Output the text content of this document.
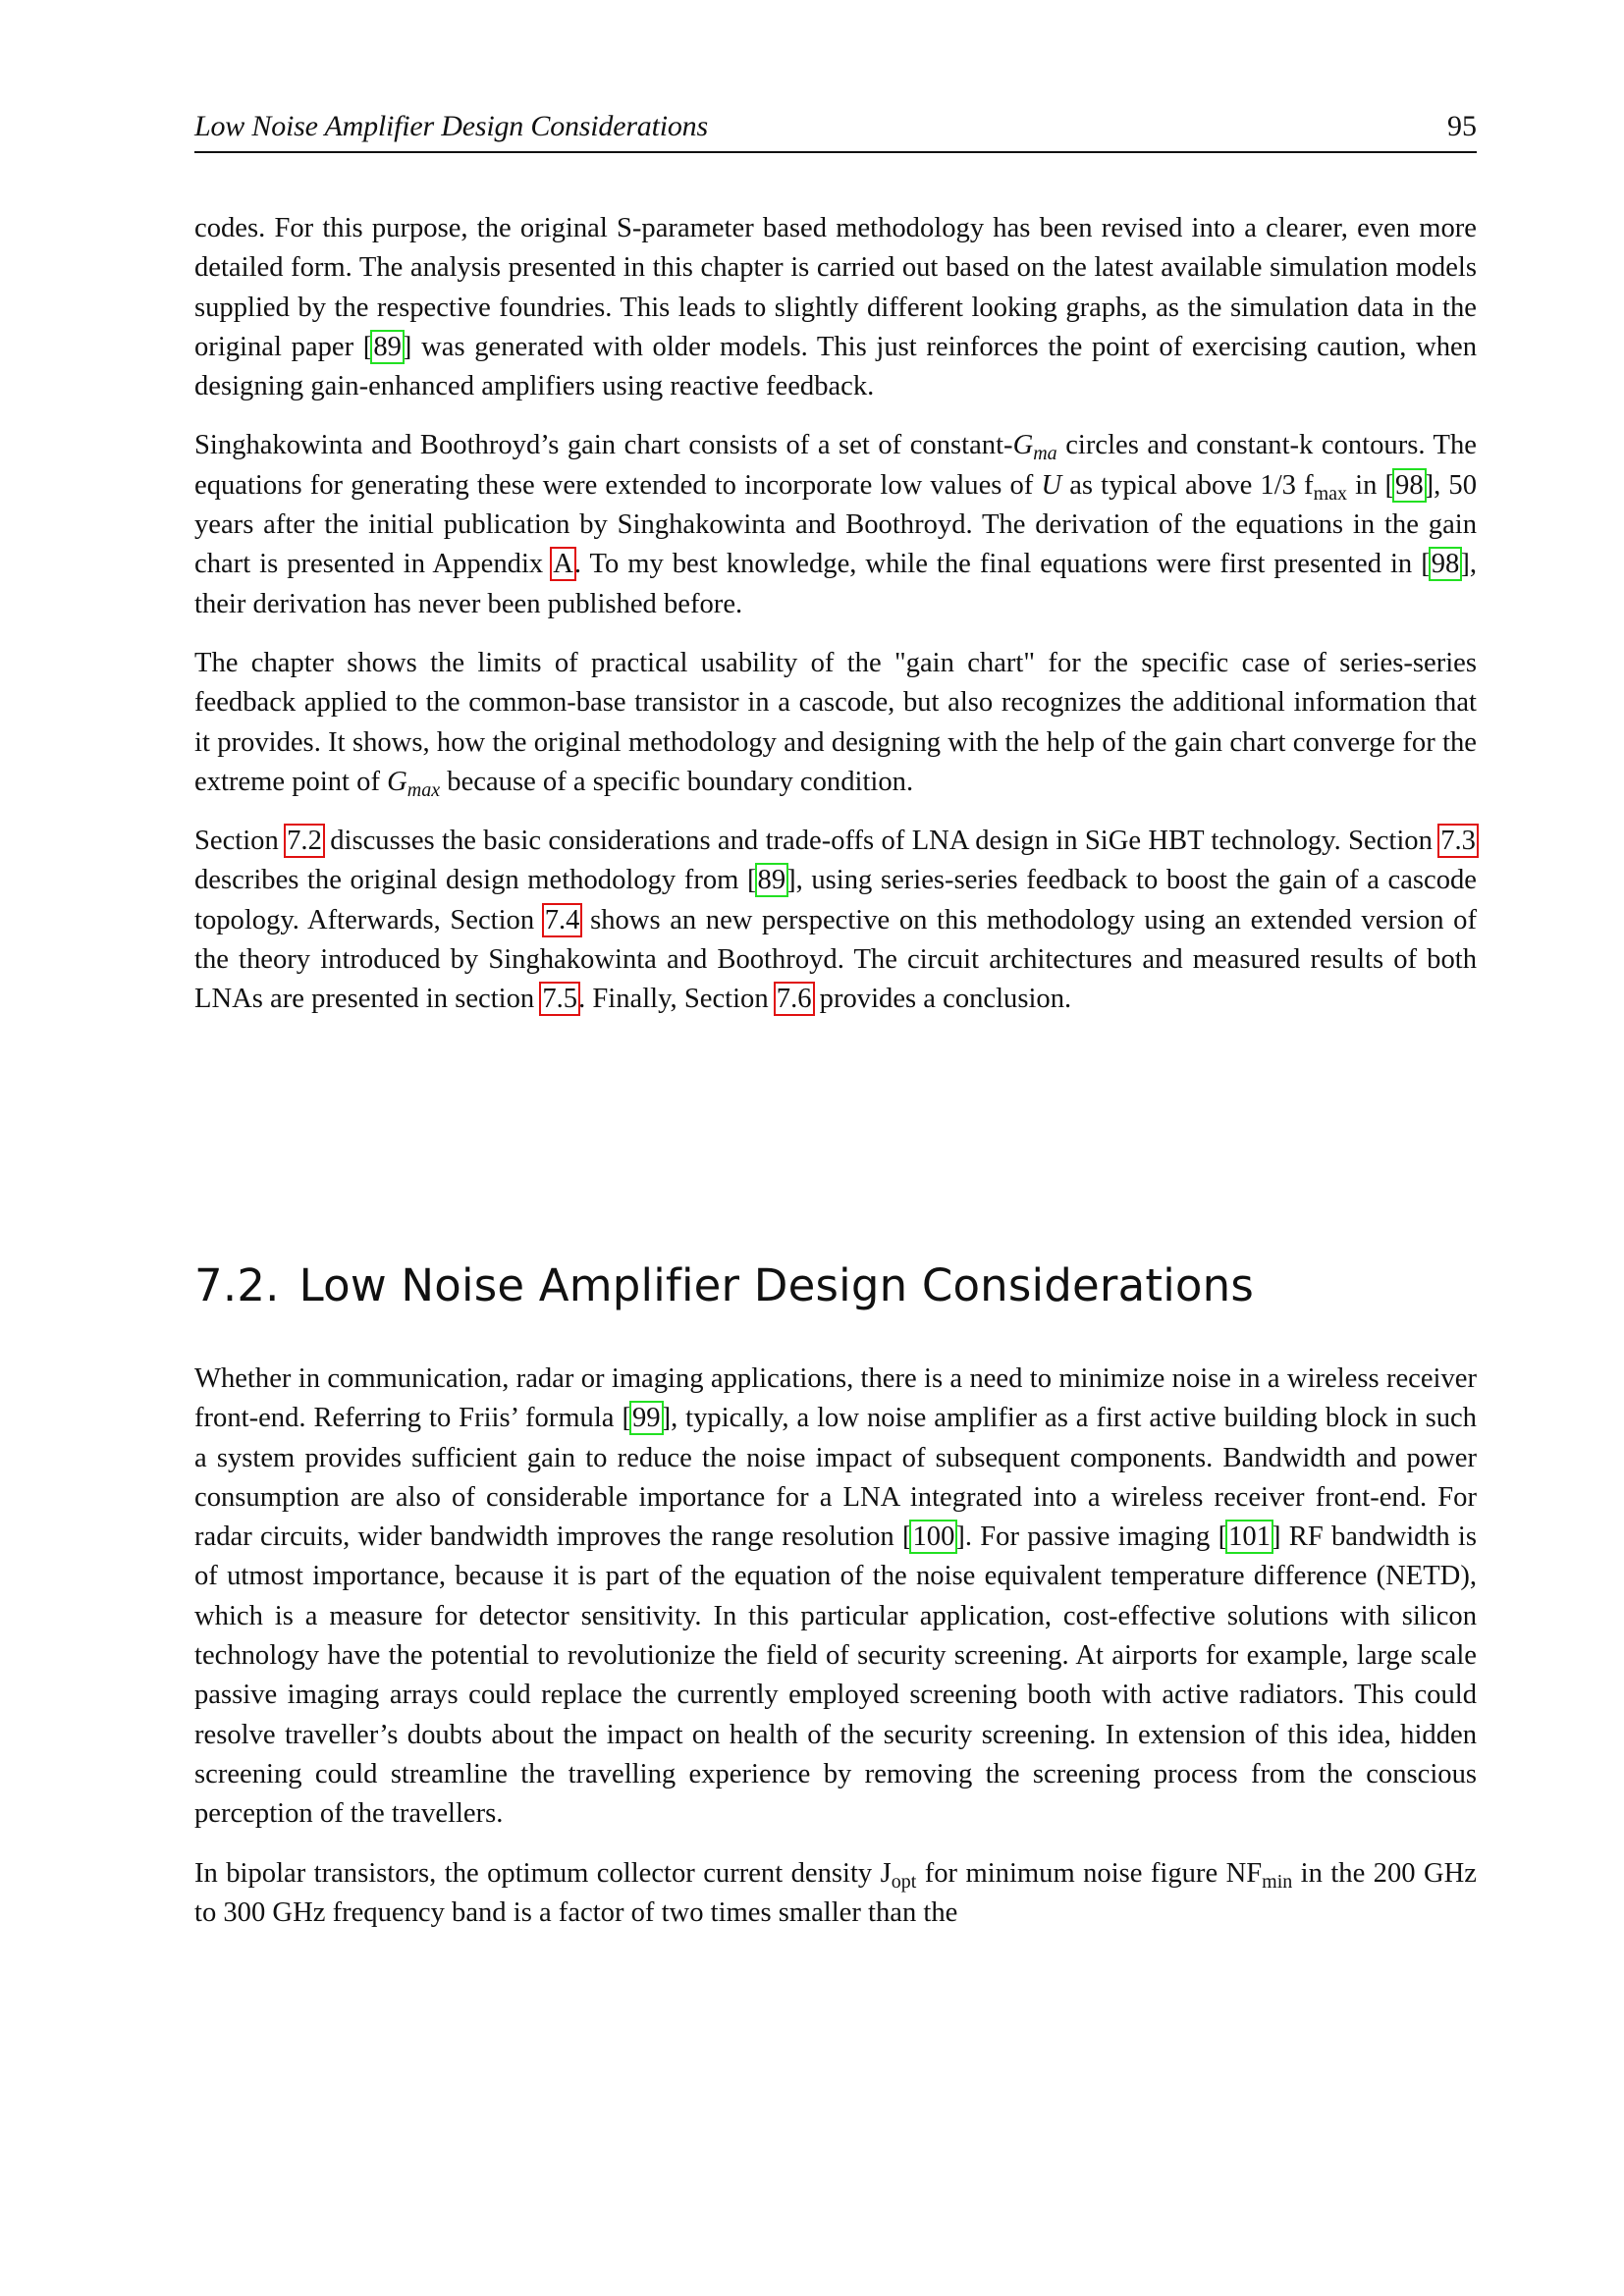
Low Noise Amplifier Design Considerations	95

codes. For this purpose, the original S-parameter based methodology has been revised into a clearer, even more detailed form. The analysis presented in this chapter is carried out based on the latest available simulation models supplied by the respective foundries. This leads to slightly different looking graphs, as the simulation data in the original paper [89] was generated with older models. This just reinforces the point of exercising caution, when designing gain-enhanced amplifiers using reactive feedback.

Singhakowinta and Boothroyd’s gain chart consists of a set of constant-$G_{ma}$ circles and constant-k contours. The equations for generating these were extended to incorporate low values of U as typical above 1/3 $f_{max}$ in [98], 50 years after the initial publication by Singhakowinta and Boothroyd. The derivation of the equations in the gain chart is presented in Appendix A. To my best knowledge, while the final equations were first presented in [98], their derivation has never been published before.

The chapter shows the limits of practical usability of the "gain chart" for the specific case of series-series feedback applied to the common-base transistor in a cascode, but also recognizes the additional information that it provides. It shows, how the original methodology and designing with the help of the gain chart converge for the extreme point of $G_{max}$ because of a specific boundary condition.

Section 7.2 discusses the basic considerations and trade-offs of LNA design in SiGe HBT technology. Section 7.3 describes the original design methodology from [89], using series-series feedback to boost the gain of a cascode topology. Afterwards, Section 7.4 shows an new perspective on this methodology using an extended version of the theory introduced by Singhakowinta and Boothroyd. The circuit architectures and measured results of both LNAs are presented in section 7.5. Finally, Section 7.6 provides a conclusion.

7.2. Low Noise Amplifier Design Considerations

Whether in communication, radar or imaging applications, there is a need to minimize noise in a wireless receiver front-end. Referring to Friis’ formula [99], typically, a low noise amplifier as a first active building block in such a system provides sufficient gain to reduce the noise impact of subsequent components. Bandwidth and power consumption are also of considerable importance for a LNA integrated into a wireless receiver front-end. For radar circuits, wider bandwidth improves the range resolution [100]. For passive imaging [101] RF bandwidth is of utmost importance, because it is part of the equation of the noise equivalent temperature difference (NETD), which is a measure for detector sensitivity. In this particular application, cost-effective solutions with silicon technology have the potential to revolutionize the field of security screening. At airports for example, large scale passive imaging arrays could replace the currently employed screening booth with active radiators. This could resolve traveller’s doubts about the impact on health of the security screening. In extension of this idea, hidden screening could streamline the travelling experience by removing the screening process from the conscious perception of the travellers.

In bipolar transistors, the optimum collector current density $J_{opt}$ for minimum noise figure $NF_{min}$ in the 200 GHz to 300 GHz frequency band is a factor of two times smaller than the
